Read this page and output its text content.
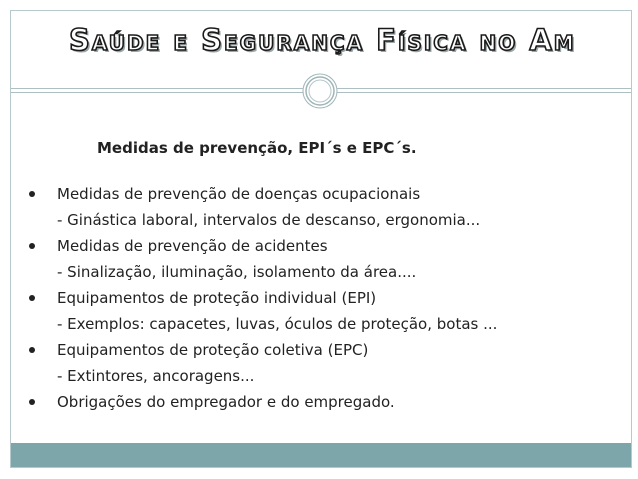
Saúde e Segurança Física no Am
Medidas de prevenção, EPI´s e EPC´s.
Medidas de prevenção de doenças ocupacionais
- Ginástica laboral, intervalos de descanso, ergonomia...
Medidas de prevenção de acidentes
- Sinalização, iluminação, isolamento da área....
Equipamentos de proteção individual (EPI)
- Exemplos: capacetes, luvas, óculos de proteção, botas ...
Equipamentos de proteção coletiva (EPC)
- Extintores, ancoragens...
Obrigações do empregador e do empregado.
